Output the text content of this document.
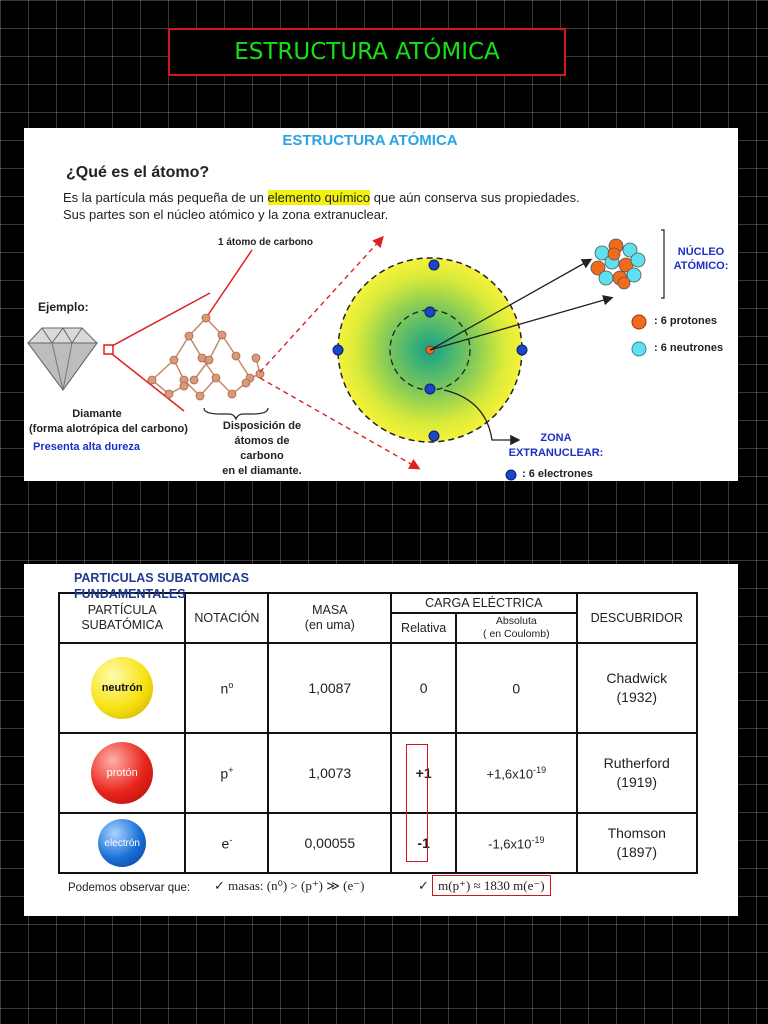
ESTRUCTURA ATÓMICA
ESTRUCTURA ATÓMICA
¿Qué es el átomo?
Es la partícula más pequeña de un elemento químico que aún conserva sus propiedades.
Sus partes son el núcleo atómico y la zona extranuclear.
1 átomo de carbono
Ejemplo:
Diamante
(forma alotrópica del carbono)
Presenta alta dureza
Disposición de
átomos de carbono
en el diamante.
NÚCLEO
ATÓMICO:
: 6 protones
: 6 neutrones
ZONA
EXTRANUCLEAR:
: 6 electrones
PARTICULAS SUBATOMICAS
FUNDAMENTALES
PARTÍCULA
SUBATÓMICA	NOTACIÓN	MASA
(en uma)	CARGA ELÉCTRICA		DESCUBRIDOR
			Relativa	Absoluta
( en Coulomb)	

neutrón	$n^o$	1,0087	0	0	Chadwick
(1932)

protón	p+	1,0073	+1	$+1,6x10^{-19}$	Rutherford
(1919)

electrón	e-	0,00055	-1	$-1,6x10^{-19}$	Thomson
(1897)
Podemos observar que: ✓ masas: (n⁰) > (p⁺) ≫ (e⁻)	✓ m(p⁺) ≈ 1830 m(e⁻)
